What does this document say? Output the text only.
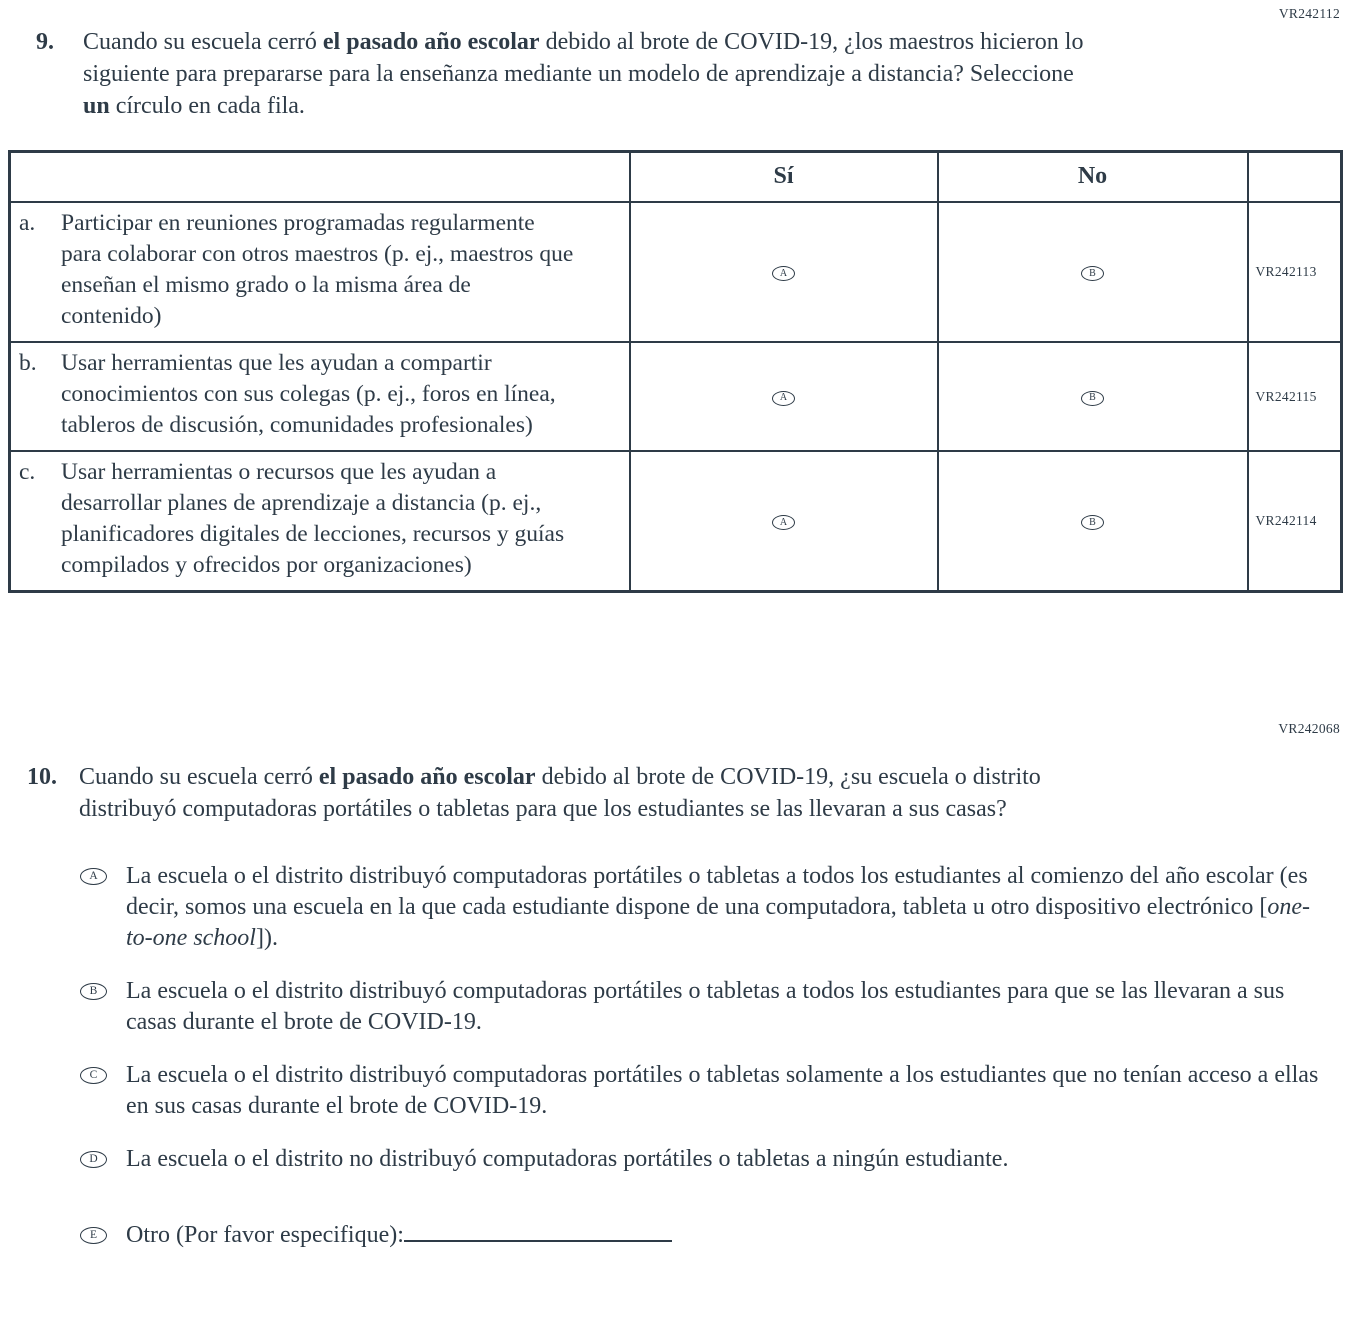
VR242112
9.	Cuando su escuela cerró el pasado año escolar debido al brote de COVID-19, ¿los maestros hicieron lo siguiente para prepararse para la enseñanza mediante un modelo de aprendizaje a distancia? Seleccione un círculo en cada fila.
	Sí	No	

a. Participar en reuniones programadas regularmente para colaborar con otros maestros (p. ej., maestros que enseñan el mismo grado o la misma área de contenido)	A	B	VR242113

b. Usar herramientas que les ayudan a compartir conocimientos con sus colegas (p. ej., foros en línea, tableros de discusión, comunidades profesionales)	A	B	VR242115

c. Usar herramientas o recursos que les ayudan a desarrollar planes de aprendizaje a distancia (p. ej., planificadores digitales de lecciones, recursos y guías compilados y ofrecidos por organizaciones)	A	B	VR242114
VR242068
10. Cuando su escuela cerró el pasado año escolar debido al brote de COVID-19, ¿su escuela o distrito distribuyó computadoras portátiles o tabletas para que los estudiantes se las llevaran a sus casas?
A La escuela o el distrito distribuyó computadoras portátiles o tabletas a todos los estudiantes al comienzo del año escolar (es decir, somos una escuela en la que cada estudiante dispone de una computadora, tableta u otro dispositivo electrónico [one-to-one school]).
B La escuela o el distrito distribuyó computadoras portátiles o tabletas a todos los estudiantes para que se las llevaran a sus casas durante el brote de COVID-19.
C La escuela o el distrito distribuyó computadoras portátiles o tabletas solamente a los estudiantes que no tenían acceso a ellas en sus casas durante el brote de COVID-19.
D La escuela o el distrito no distribuyó computadoras portátiles o tabletas a ningún estudiante.
E Otro (Por favor especifique):
